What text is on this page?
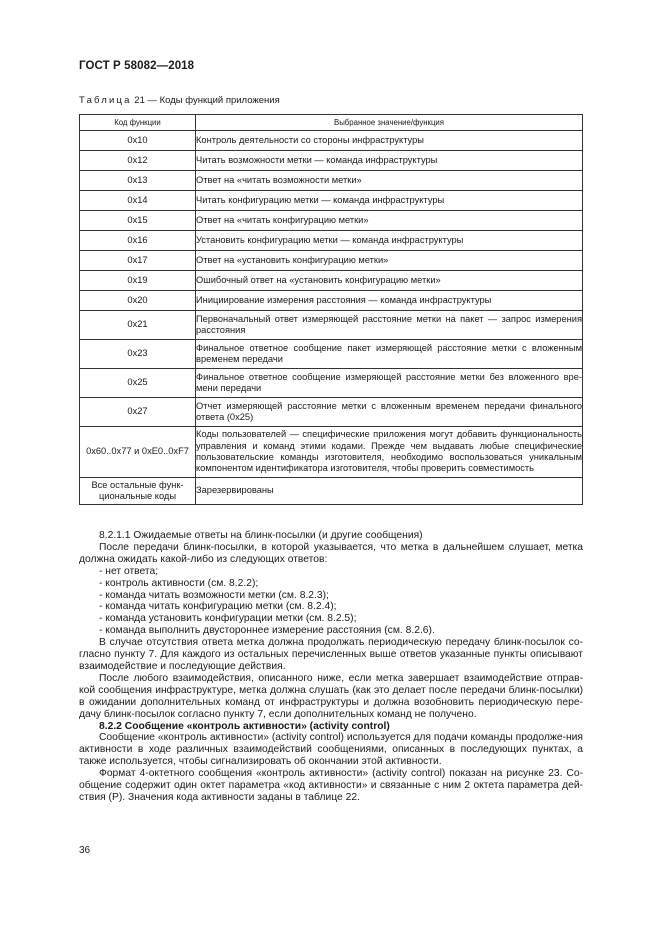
ГОСТ Р 58082—2018
Таблица 21 — Коды функций приложения
Код функции	Выбранное значение/функция
0x10	Контроль деятельности со стороны инфраструктуры
0x12	Читать возможности метки — команда инфраструктуры
0x13	Ответ на «читать возможности метки»
0x14	Читать конфигурацию метки — команда инфраструктуры
0x15	Ответ на «читать конфигурацию метки»
0x16	Установить конфигурацию метки — команда инфраструктуры
0x17	Ответ на «установить конфигурацию метки»
0x19	Ошибочный ответ на «установить конфигурацию метки»
0x20	Инициирование измерения расстояния — команда инфраструктуры
0x21	Первоначальный ответ измеряющей расстояние метки на пакет — запрос измерения расстояния
0x23	Финальное ответное сообщение пакет измеряющей расстояние метки с вложенным временем передачи
0x25	Финальное ответное сообщение измеряющей расстояние метки без вложенного вре-мени передачи
0x27	Отчет измеряющей расстояние метки с вложенным временем передачи финального ответа (0x25)
0x60..0x77 и 0xE0..0xF7	Коды пользователей — специфические приложения могут добавить функциональность управления и команд этими кодами. Прежде чем выдавать любые специфические пользовательские команды изготовителя, необходимо воспользоваться уникальным компонентом идентификатора изготовителя, чтобы проверить совместимость
Все остальные функ-циональные коды	Зарезервированы

8.2.1.1 Ожидаемые ответы на блинк-посылки (и другие сообщения)

После передачи блинк-посылки, в которой указывается, что метка в дальнейшем слушает, метка должна ожидать какой-либо из следующих ответов:

- нет ответа;

- контроль активности (см. 8.2.2);

- команда читать возможности метки (см. 8.2.3);

- команда читать конфигурацию метки (см. 8.2.4);

- команда установить конфигурации метки (см. 8.2.5);

- команда выполнить двустороннее измерение расстояния (см. 8.2.6).

В случае отсутствия ответа метка должна продолжать периодическую передачу блинк-посылок со-гласно пункту 7. Для каждого из остальных перечисленных выше ответов указанные пункты описывают взаимодействие и последующие действия.

После любого взаимодействия, описанного ниже, если метка завершает взаимодействие отправ-кой сообщения инфраструктуре, метка должна слушать (как это делает после передачи блинк-посылки) в ожидании дополнительных команд от инфраструктуры и должна возобновить периодическую пере-дачу блинк-посылок согласно пункту 7, если дополнительных команд не получено.

8.2.2 Сообщение «контроль активности» (activity control)

Сообщение «контроль активности» (activity control) используется для подачи команды продолже-ния активности в ходе различных взаимодействий сообщениями, описанных в последующих пунктах, а также используется, чтобы сигнализировать об окончании этой активности.

Формат 4-октетного сообщения «контроль активности» (activity control) показан на рисунке 23. Со-общение содержит один октет параметра «код активности» и связанные с ним 2 октета параметра дей-ствия (P). Значения кода активности заданы в таблице 22.

36
